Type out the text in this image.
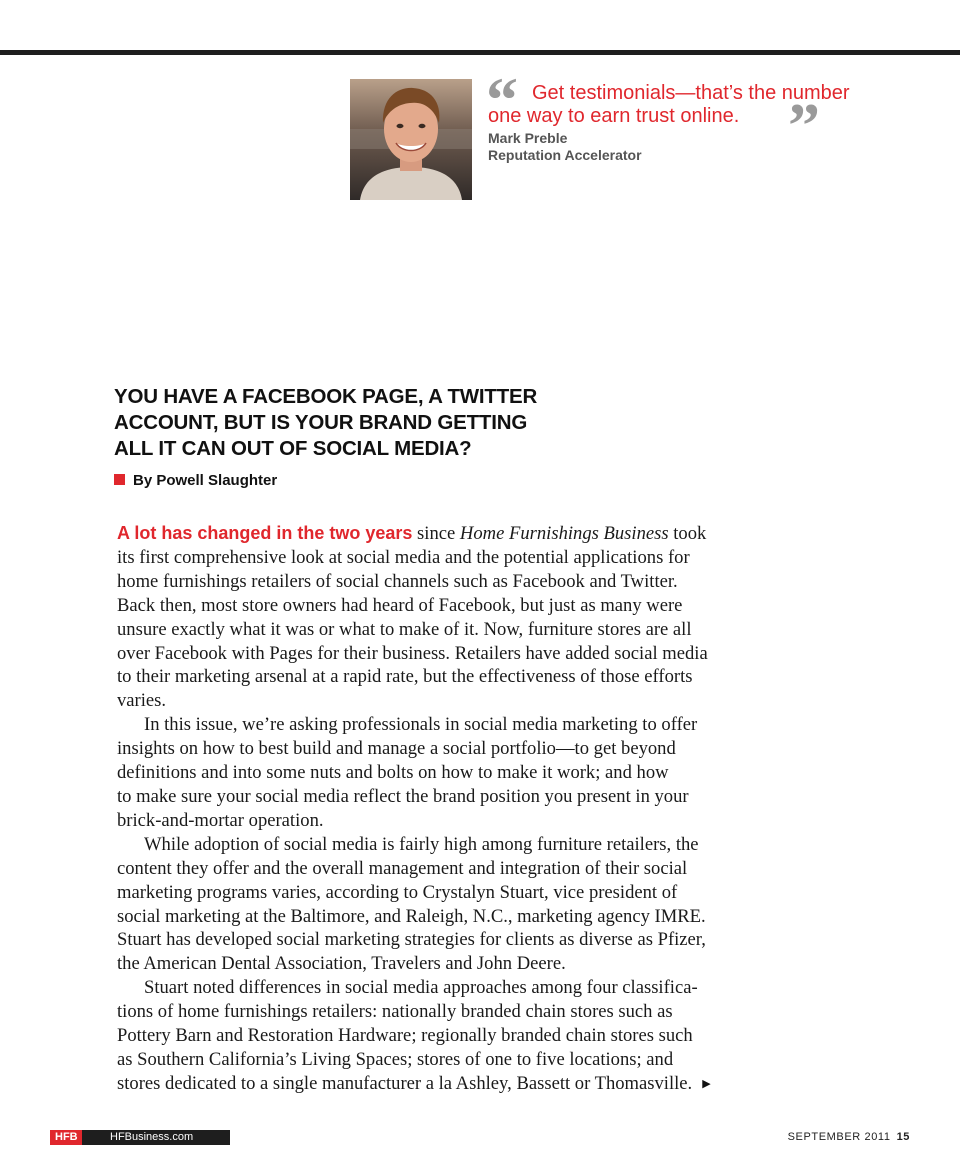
“	”
Get testimonials—that’s the number
one way to earn trust online.
Mark Preble
Reputation Accelerator
YOU HAVE A FACEBOOK PAGE, A TWITTER
ACCOUNT, BUT IS YOUR BRAND GETTING
ALL IT CAN OUT OF SOCIAL MEDIA?
By Powell Slaughter
A lot has changed in the two years since Home Furnishings Business took
its first comprehensive look at social media and the potential applications for
home furnishings retailers of social channels such as Facebook and Twitter.
Back then, most store owners had heard of Facebook, but just as many were
unsure exactly what it was or what to make of it. Now, furniture stores are all
over Facebook with Pages for their business. Retailers have added social media
to their marketing arsenal at a rapid rate, but the effectiveness of those efforts
varies.
In this issue, we’re asking professionals in social media marketing to offer
insights on how to best build and manage a social portfolio—to get beyond
definitions and into some nuts and bolts on how to make it work; and how
to make sure your social media reflect the brand position you present in your
brick-and-mortar operation.
While adoption of social media is fairly high among furniture retailers, the
content they offer and the overall management and integration of their social
marketing programs varies, according to Crystalyn Stuart, vice president of
social marketing at the Baltimore, and Raleigh, N.C., marketing agency IMRE.
Stuart has developed social marketing strategies for clients as diverse as Pfizer,
the American Dental Association, Travelers and John Deere.
Stuart noted differences in social media approaches among four classifica-
tions of home furnishings retailers: nationally branded chain stores such as
Pottery Barn and Restoration Hardware; regionally branded chain stores such
as Southern California’s Living Spaces; stores of one to five locations; and
stores dedicated to a single manufacturer a la Ashley, Bassett or Thomasville. ▶
HFB	HFBusiness.com	SEPTEMBER 2011 15
